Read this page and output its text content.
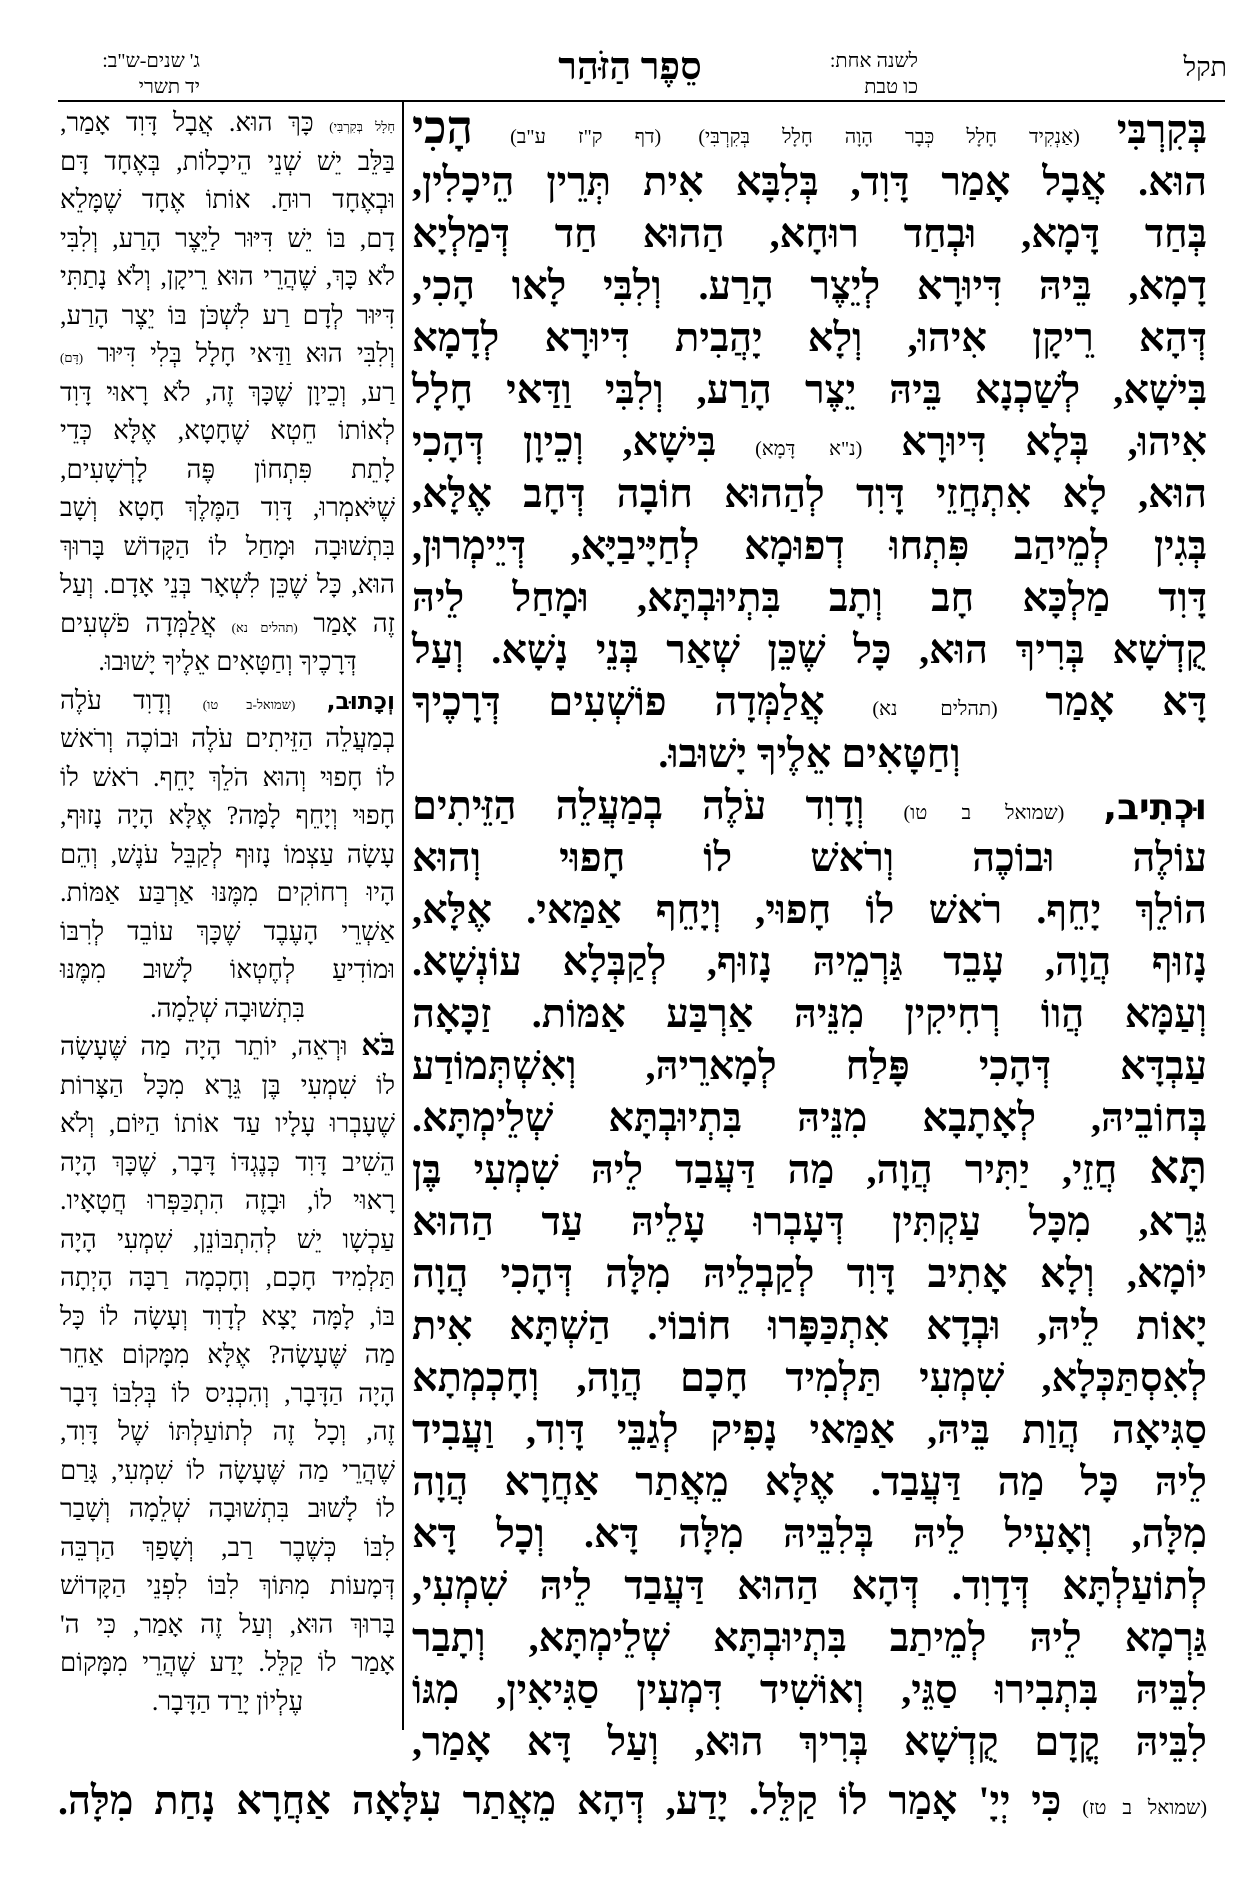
תקל
לשנה אחת:
כו טבת
סֵפֶר הַזֹּהַר
ג' שנים-ש"ב:
יד תשרי
בְּקִרְבִּי (אַנְקִיד חָלָל כְּבָר הָוָה חָלָל בְּקִרְבִּי) (דף ק"ז ע"ב) הָכִי
הוּא. אֲבָל אָמַר דָּוִד, בְּלִבָּא אִית תְּרֵין הֵיכָלִין,
בְּחַד דָּמָא, וּבְחַד רוּחָא, הַהוּא חַד דְּמַלְיָא
דָמָא, בֵּיהּ דִּיוּרָא לְיֵצֶר הָרַע. וְלִבִּי לָאו הָכִי,
דְּהָא רֵיקָן אִיהוּ, וְלָא יָהֲבִית דִּיוּרָא לְדָמָא
בִּישָׁא, לְשַׁכְנָא בֵּיהּ יֵצֶר הָרַע, וְלִבִּי וַדַּאי חָלָל
אִיהוּ, בְּלָא דִּיוּרָא (נ"א דָּמָא) בִּישָׁא, וְכֵיוָן דְּהָכִי
הוּא, לָא אִתְחֲזֵי דָּוִד לְהַהוּא חוֹבָה דְּחָב אֶלָּא,
בְּגִין לְמֵיהַב פִּתְחוּ דְפוּמָא לְחַיָּיבַיָּא, דְּיֵימְרוּן,
דָּוִד מַלְכָּא חָב וְתָב בִּתְיוּבְתָּא, וּמָחַל לֵיהּ
קֻדְשָׁא בְּרִיךְ הוּא, כָּל שֶׁכֵּן שְׁאַר בְּנֵי נָשָׁא. וְעַל
דָּא אָמַר (תהלים נא) אֲלַמְּדָה פוֹשְׁעִים דְּרָכֶיךָ
וְחַטָּאִים אֵלֶיךָ יָשׁוּבוּ.
וּכְתִיב, (שמואל ב טו) וְדָוִד עֹלֶה בְמַעֲלֵה הַזֵּיתִים
עוֹלֶה וּבוֹכֶה וְרֹאשׁ לוֹ חָפוּי וְהוּא
הוֹלֵךְ יָחֵף. רֹאשׁ לוֹ חָפוּי, וְיָחֵף אַמַּאי. אֶלָּא,
נָזוּף הֲוָה, עָבֵד גַּרְמֵיהּ נָזוּף, לְקַבְּלָא עוֹנְשָׁא.
וְעַמָּא הֲווֹ רְחִיקִין מִנֵּיהּ אַרְבַּע אַמּוֹת. זַכָּאָה
עַבְדָּא דְּהָכִי פָּלַח לְמָארֵיהּ, וְאִשְׁתְּמוֹדַע
בְּחוֹבֵיהּ, לְאָתָבָא מִנֵּיהּ בִּתְיוּבְתָּא שְׁלֵימְתָּא.
תָּא חֲזֵי, יַתִּיר הֲוָה, מַה דַּעֲבַד לֵיהּ שִׁמְעִי בֶּן
גֵּרָא, מִכָּל עַקְתִּין דְּעָבְרוּ עָלֵיהּ עַד הַהוּא
יוֹמָא, וְלָא אָתִיב דָּוִד לְקַבְלֵיהּ מִלָּה דְּהָכִי הֲוָה
יָאוֹת לֵיהּ, וּבְדָא אִתְכַּפָּרוּ חוֹבוֹי. הַשְׁתָּא אִית
לְאִסְתַּכְּלָא, שִׁמְעִי תַּלְמִיד חָכָם הֲוָה, וְחָכְמְתָא
סַגִּיאָה הֲוַת בֵּיהּ, אַמַּאי נָפִיק לְגַבֵּי דָּוִד, וַעֲבִיד
לֵיהּ כָּל מַה דַּעֲבַד. אֶלָּא מֵאֲתַר אַחֲרָא הֲוָה
מִלָּה, וְאָעִיל לֵיהּ בְּלִבֵּיהּ מִלָּה דָּא. וְכָל דָּא
לְתוֹעַלְתָּא דְּדָוִד. דְּהָא הַהוּא דַּעֲבַד לֵיהּ שִׁמְעִי,
גַּרְמָא לֵיהּ לְמֵיתַב בִּתְיוּבְתָּא שְׁלֵימְתָּא, וְתָבַר
לִבֵּיהּ בִּתְבִירוּ סַגֵּי, וְאוֹשִׁיד דִּמְעִין סַגִּיאִין, מִגּוֹ
לִבֵּיהּ קֳדָם קֻדְשָׁא בְּרִיךְ הוּא, וְעַל דָּא אָמַר,
חָלָל בְּקִרְבִּי) כָּךְ הוּא. אֲבָל דָּוִד אָמַר,
בַּלֵּב יֵשׁ שְׁנֵי הֵיכָלוֹת, בְּאֶחָד דָּם
וּבְאֶחָד רוּחַ. אוֹתוֹ אֶחָד שֶׁמָּלֵא
דָם, בּוֹ יֵשׁ דִּיּוּר לַיֵּצֶר הָרַע, וְלִבִּי
לֹא כָּךְ, שֶׁהֲרֵי הוּא רֵיקָן, וְלֹא נָתַתִּי
דִּיּוּר לְדָם רַע לִשְׁכֹּן בּוֹ יֵצֶר הָרַע,
וְלִבִּי הוּא וַדַּאי חָלָל בְּלִי דִּיּוּר (דָּם)
רַע, וְכֵיוָן שֶׁכָּךְ זֶה, לֹא רָאוּי דָּוִד
לְאוֹתוֹ חֵטְא שֶׁחָטָא, אֶלָּא כְּדֵי
לָתֵת פִּתְחוֹן פֶּה לָרְשָׁעִים,
שֶׁיֹּאמְרוּ, דָּוִד הַמֶּלֶךְ חָטָא וְשָׁב
בִּתְשׁוּבָה וּמָחַל לוֹ הַקָּדוֹשׁ בָּרוּךְ
הוּא, כָּל שֶׁכֵּן לִשְׁאָר בְּנֵי אָדָם. וְעַל
זֶה אָמַר (תהלים נא) אֲלַמְּדָה פֹשְׁעִים
דְּרָכֶיךָ וְחַטָּאִים אֵלֶיךָ יָשׁוּבוּ.
וְכָתוּב, (שמואל-ב טו) וְדָוִד עֹלֶה
בְמַעֲלֵה הַזֵּיתִים עֹלֶה וּבוֹכֶה וְרֹאשׁ
לוֹ חָפוּי וְהוּא הֹלֵךְ יָחֵף. רֹאשׁ לוֹ
חָפוּי וְיָחֵף לָמָּה? אֶלָּא הָיָה נָזוּף,
עָשָׂה עַצְמוֹ נָזוּף לְקַבֵּל עֹנֶשׁ, וְהֵם
הָיוּ רְחוֹקִים מִמֶּנּוּ אַרְבַּע אַמּוֹת.
אַשְׁרֵי הָעֶבֶד שֶׁכָּךְ עוֹבֵד לְרִבּוֹ
וּמוֹדִיעַ לְחֶטְאוֹ לָשׁוּב מִמֶּנּוּ
בִּתְשׁוּבָה שְׁלֵמָה.
בֹּא וּרְאֵה, יוֹתֵר הָיָה מַה שֶּׁעָשָׂה
לוֹ שִׁמְעִי בֶּן גֵּרָא מִכָּל הַצָּרוֹת
שֶׁעָבְרוּ עָלָיו עַד אוֹתוֹ הַיּוֹם, וְלֹא
הֵשִׁיב דָּוִד כְּנֶגְדּוֹ דָּבָר, שֶׁכָּךְ הָיָה
רָאוּי לוֹ, וּבָזֶה הִתְכַּפְּרוּ חֲטָאָיו.
עַכְשָׁו יֵשׁ לְהִתְבּוֹנֵן, שִׁמְעִי הָיָה
תַּלְמִיד חָכָם, וְחָכְמָה רַבָּה הָיְתָה
בּוֹ, לָמָּה יָצָא לְדָוִד וְעָשָׂה לוֹ כָּל
מַה שֶּׁעָשָׂה? אֶלָּא מִמָּקוֹם אַחֵר
הָיָה הַדָּבָר, וְהִכְנִיס לוֹ בְּלִבּוֹ דָּבָר
זֶה, וְכָל זֶה לְתוֹעַלְתּוֹ שֶׁל דָּוִד,
שֶׁהֲרֵי מַה שֶּׁעָשָׂה לוֹ שִׁמְעִי, גָּרַם
לוֹ לָשׁוּב בִּתְשׁוּבָה שְׁלֵמָה וְשָׁבַר
לִבּוֹ כְּשֶׁבֶר רַב, וְשָׁפַךְ הַרְבֵּה
דְּמָעוֹת מִתּוֹךְ לִבּוֹ לִפְנֵי הַקָּדוֹשׁ
בָּרוּךְ הוּא, וְעַל זֶה אָמַר, כִּי ה'
אָמַר לוֹ קַלֵּל. יָדַע שֶׁהֲרֵי מִמָּקוֹם
עֶלְיוֹן יָרַד הַדָּבָר.
(שמואל ב טז) כִּי יְיָ' אָמַר לוֹ קַלֵּל. יָדַע, דְּהָא מֵאֲתַר עִלָּאָה אַחֲרָא נָחַת מִלָּה.
